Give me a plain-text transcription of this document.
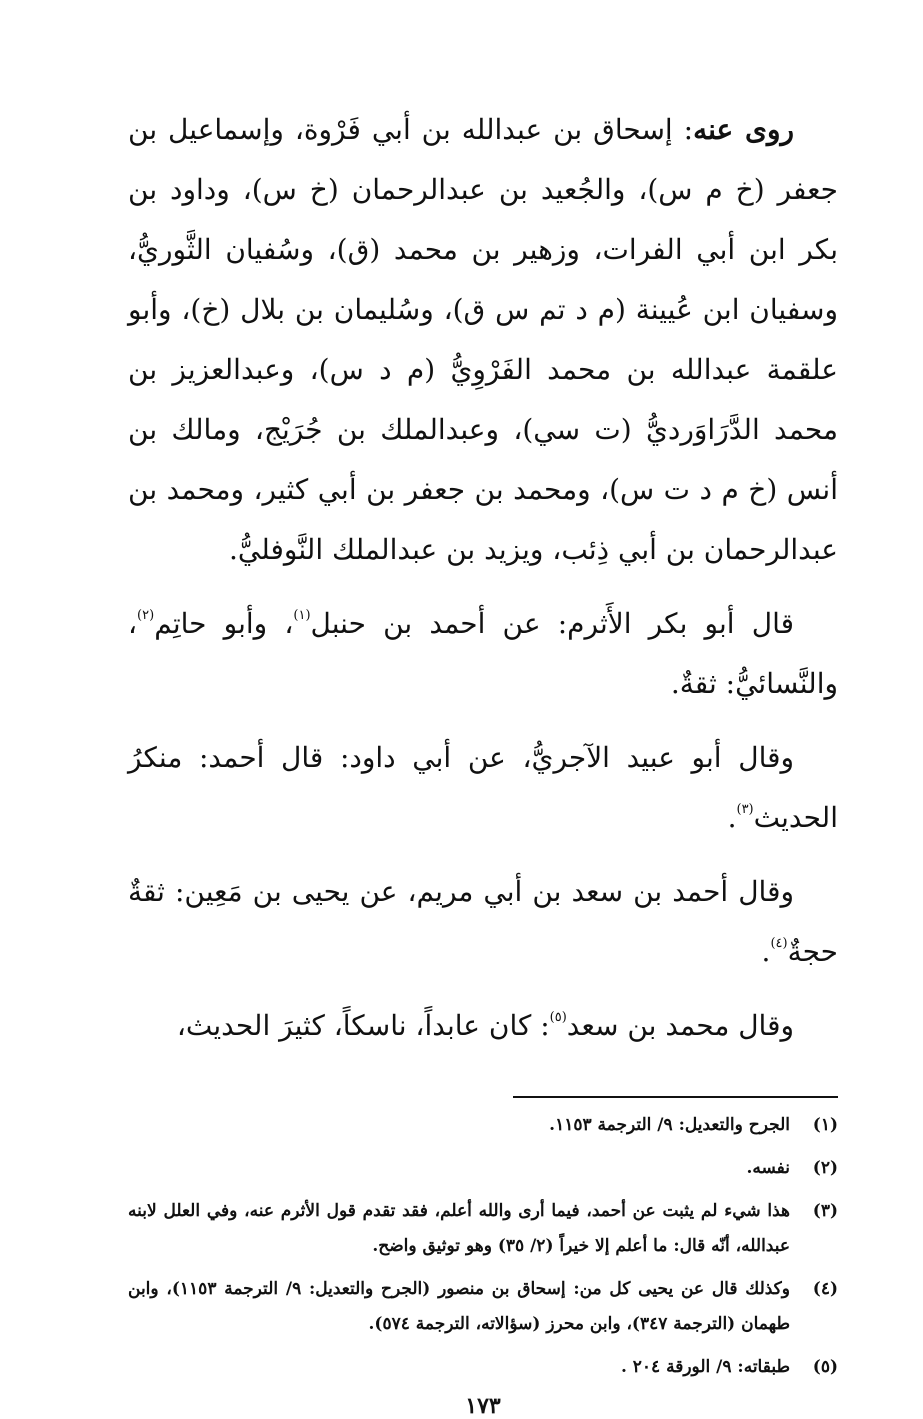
روى عنه: إسحاق بن عبدالله بن أبي فَرْوة، وإسماعيل بن جعفر (خ م س)، والجُعيد بن عبدالرحمان (خ س)، وداود بن بكر ابن أبي الفرات، وزهير بن محمد (ق)، وسُفيان الثَّوريُّ، وسفيان ابن عُيينة (م د تم س ق)، وسُليمان بن بلال (خ)، وأبو علقمة عبدالله بن محمد الفَرْوِيُّ (م د س)، وعبدالعزيز بن محمد الدَّرَاوَرديُّ (ت سي)، وعبدالملك بن جُرَيْج، ومالك بن أنس (خ م د ت س)، ومحمد بن جعفر بن أبي كثير، ومحمد بن عبدالرحمان بن أبي ذِئب، ويزيد بن عبدالملك النَّوفليُّ.

قال أبو بكر الأَثرم: عن أحمد بن حنبل$^{(١)}$، وأبو حاتِم$^{(٢)}$، والنَّسائيُّ: ثقةٌ.

وقال أبو عبيد الآجريُّ، عن أبي داود: قال أحمد: منكرُ الحديث$^{(٣)}$.

وقال أحمد بن سعد بن أبي مريم، عن يحيى بن مَعِين: ثقةٌ حجةٌ$^{(٤)}$.

وقال محمد بن سعد$^{(٥)}$: كان عابداً، ناسكاً، كثيرَ الحديث،

(١)
الجرح والتعديل: ٩/ الترجمة ١١٥٣.
(٢)
نفسه.
(٣)
هذا شيء لم يثبت عن أحمد، فيما أرى والله أعلم، فقد تقدم قول الأثرم عنه، وفي العلل لابنه عبدالله، أنّه قال: ما أعلم إلا خيراً (٢/ ٣٥) وهو توثيق واضح.
(٤)
وكذلك قال عن يحيى كل من: إسحاق بن منصور (الجرح والتعديل: ٩/ الترجمة ١١٥٣)، وابن طهمان (الترجمة ٣٤٧)، وابن محرز (سؤالاته، الترجمة ٥٧٤).
(٥)
طبقاته: ٩/ الورقة ٢٠٤ .
١٧٣
